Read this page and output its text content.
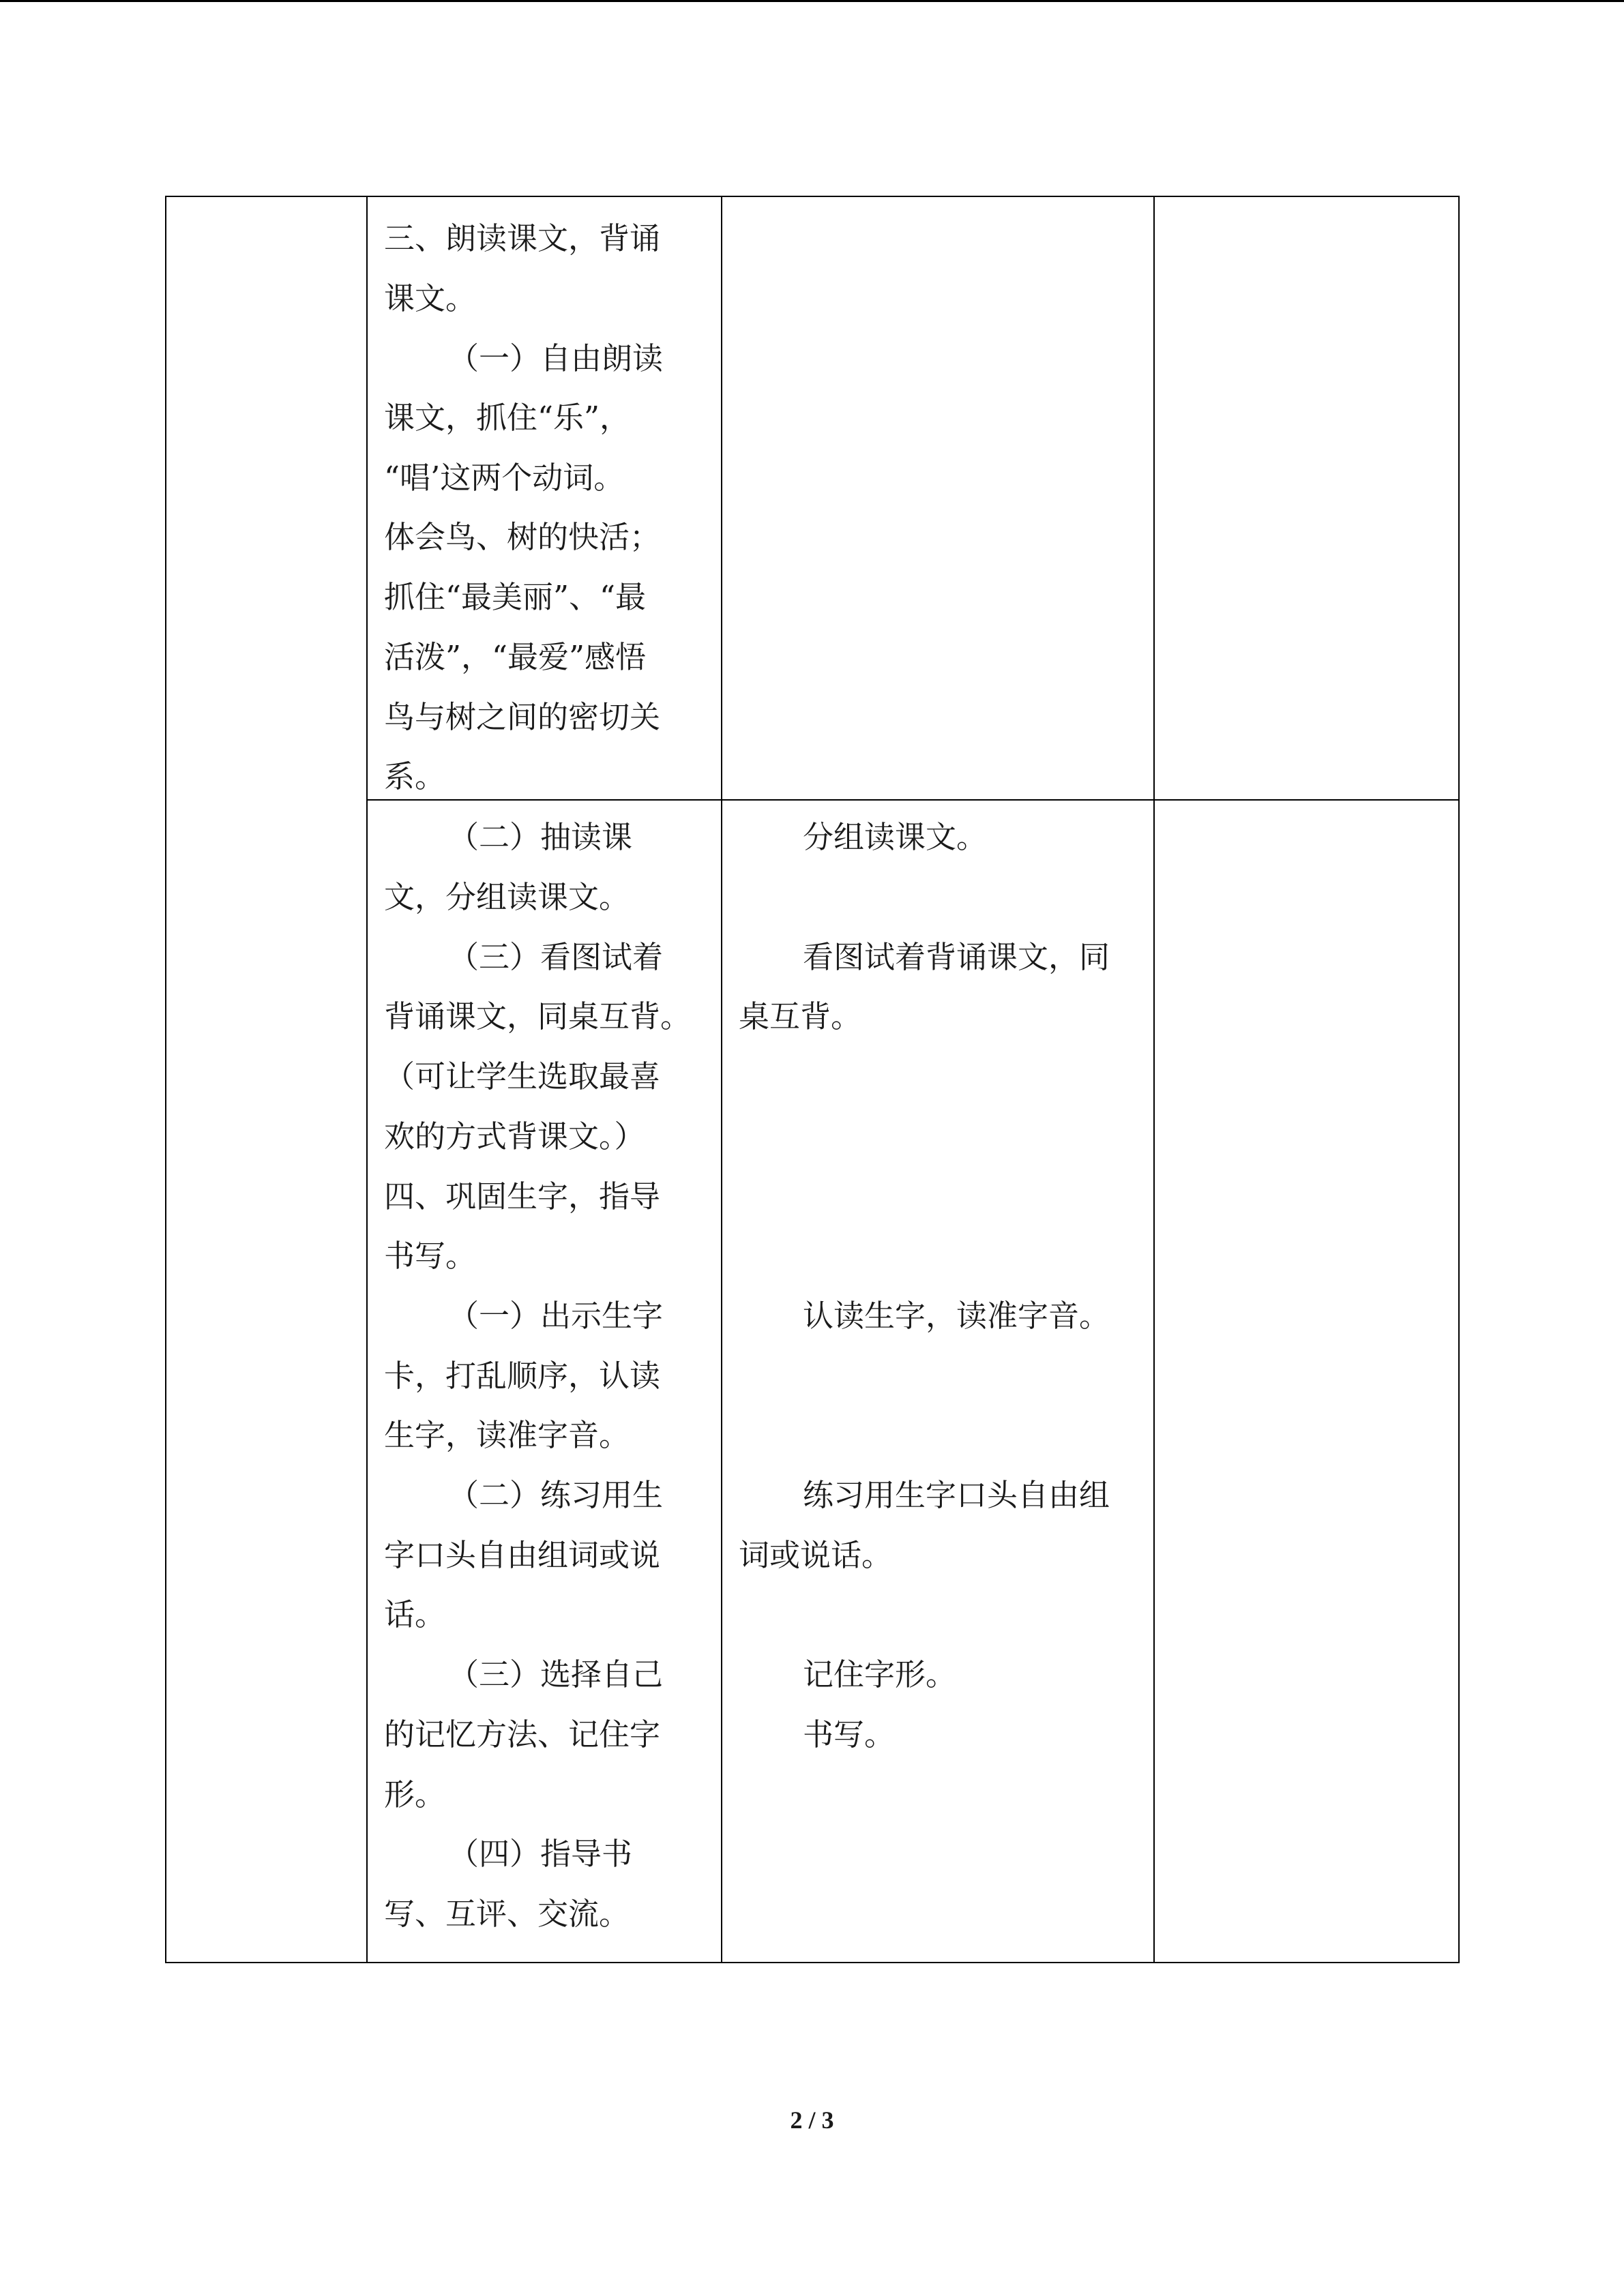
三、朗读课文，背诵
课文。
（一）自由朗读
课文，抓住“乐”，
“唱’这两个动词。
体会鸟、树的快活；
抓住“最美丽”、“最
活泼”，“最爱”感悟
鸟与树之间的密切关
系。
（二）抽读课
文，分组读课文。
（三）看图试着
背诵课文，同桌互背。
（可让学生选取最喜
欢的方式背课文。）
四、巩固生字，指导
书写。
（一）出示生字
卡，打乱顺序，认读
生字，读准字音。
（二）练习用生
字口头自由组词或说
话。
（三）选择自己
的记忆方法、记住字
形。
（四）指导书
写、互评、交流。
分组读课文。
看图试着背诵课文，同
桌互背。
认读生字，读准字音。
练习用生字口头自由组
词或说话。
记住字形。
书写。
2 / 3
